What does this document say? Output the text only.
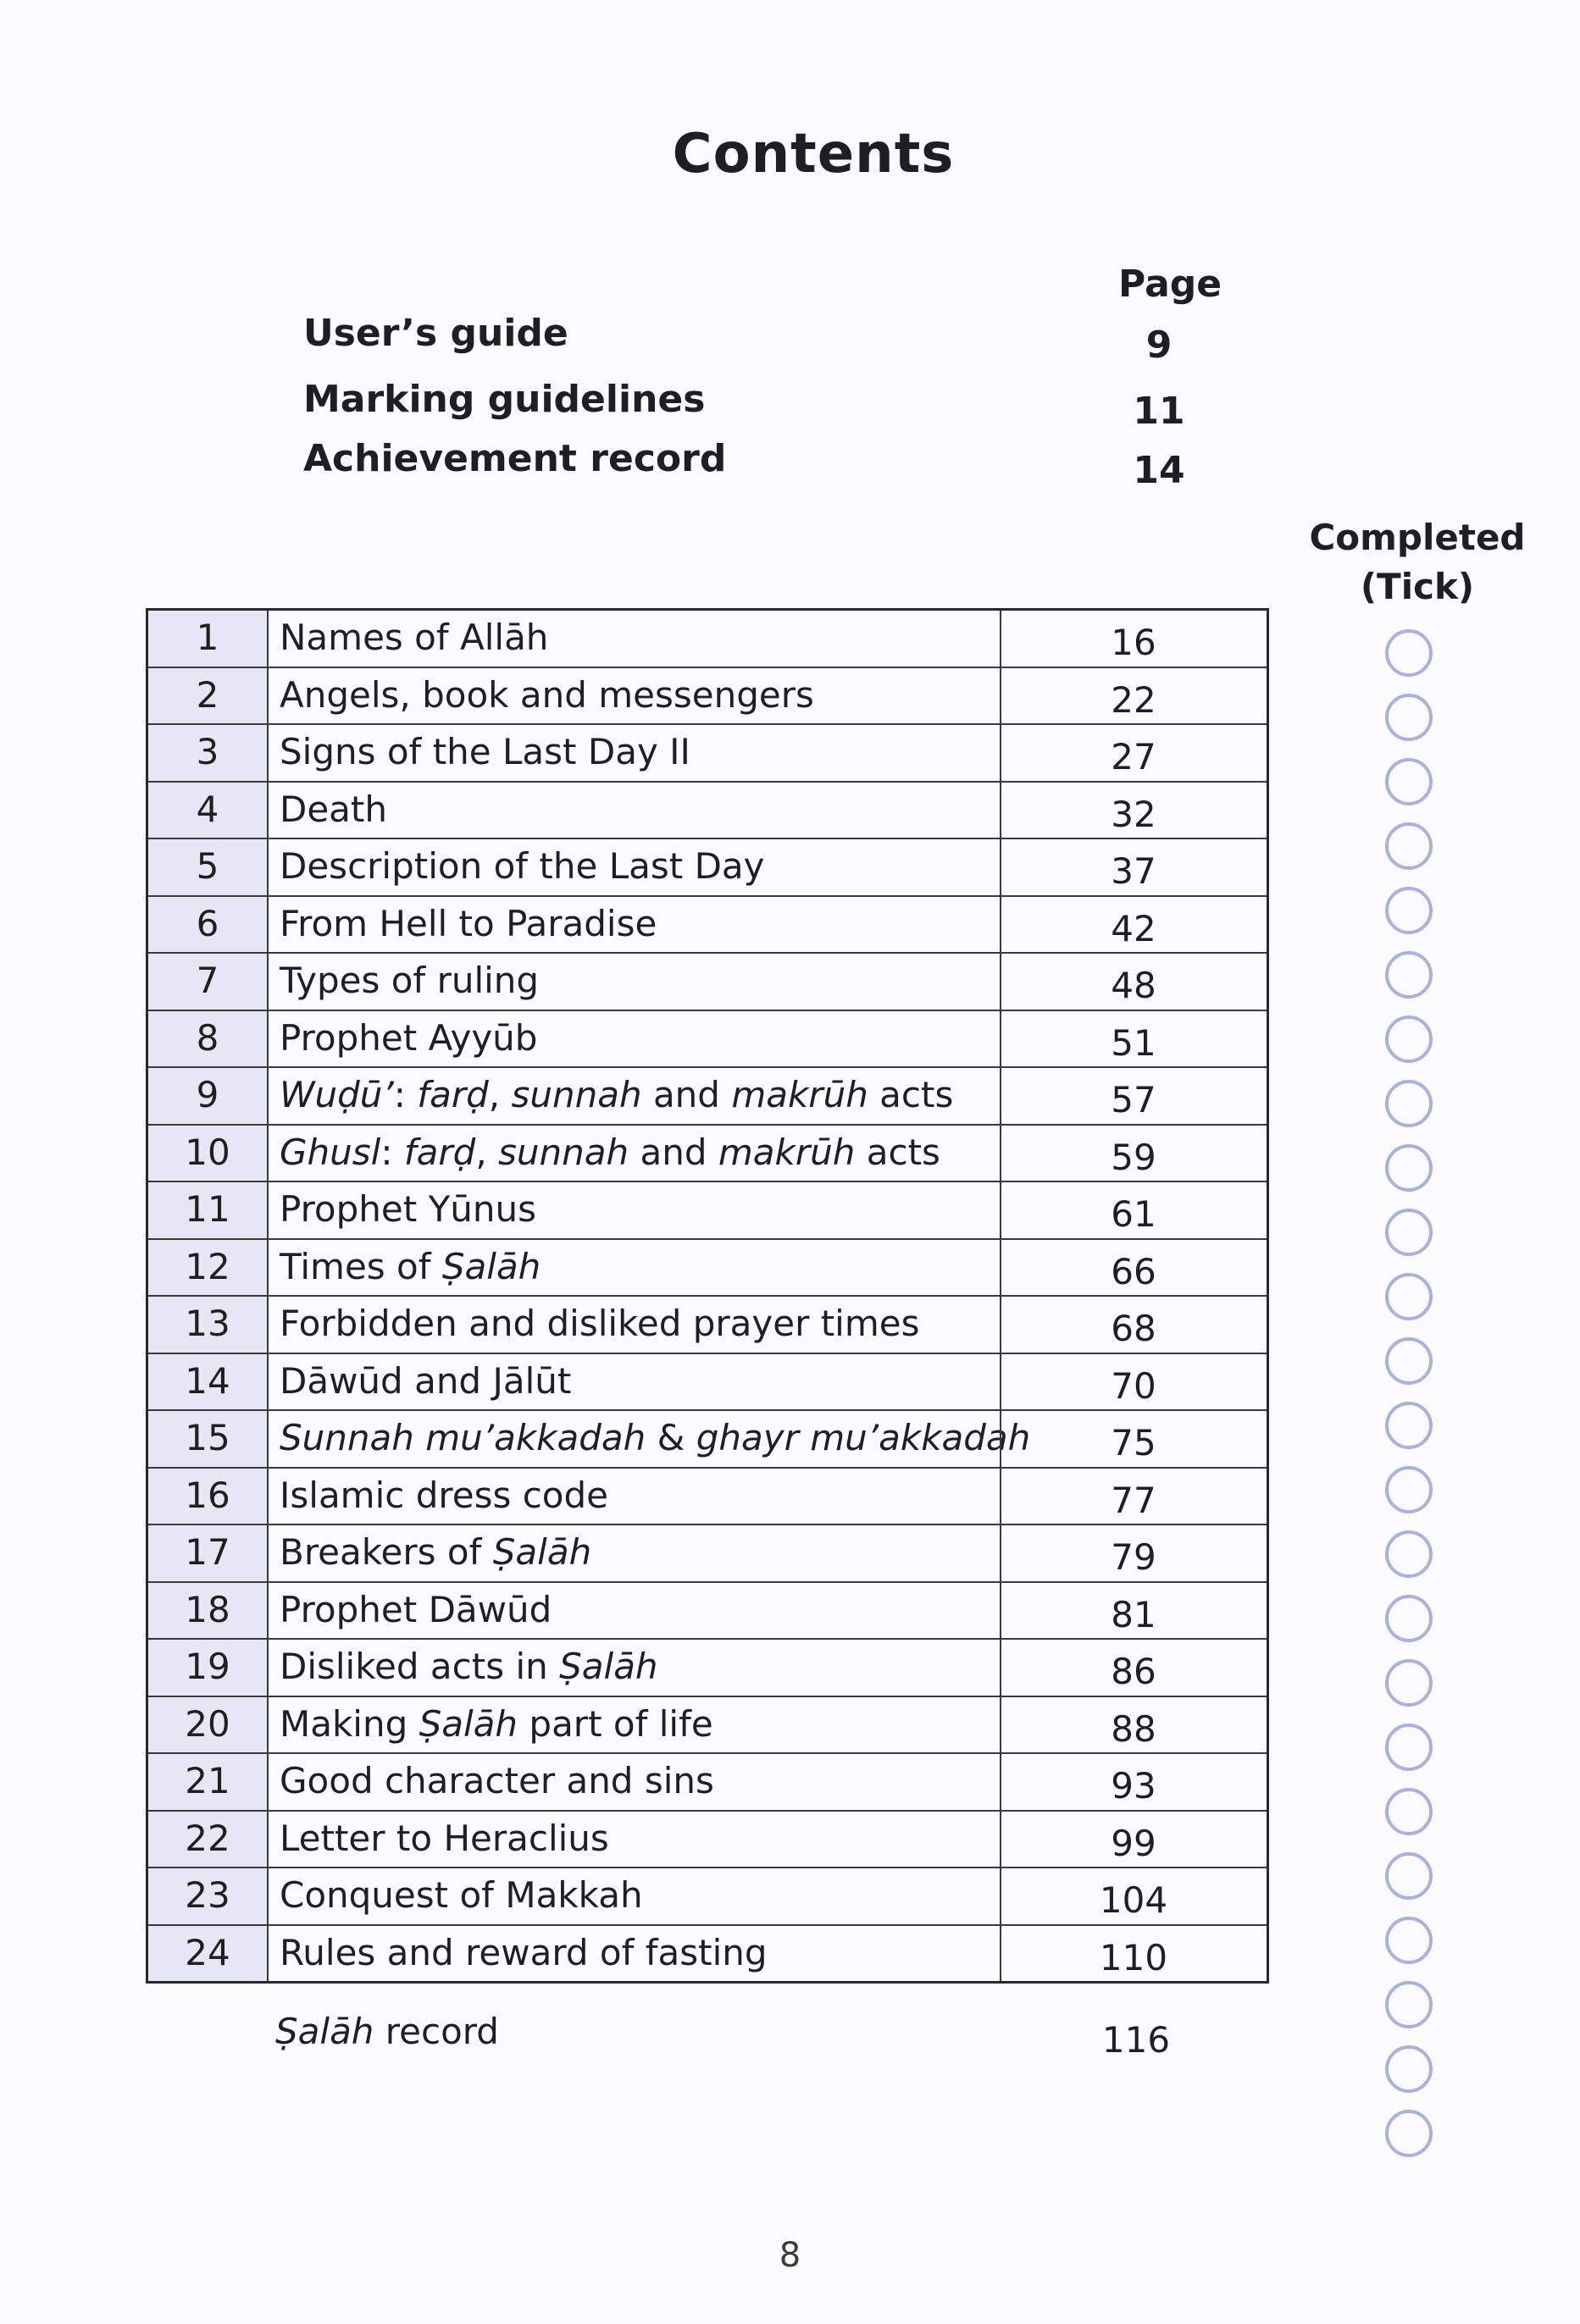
Contents
Page
User’s guide	9
Marking guidelines	11
Achievement record	14
Completed
(Tick)
1	Names of Allāh	16
2	Angels, book and messengers	22
3	Signs of the Last Day II	27
4	Death	32
5	Description of the Last Day	37
6	From Hell to Paradise	42
7	Types of ruling	48
8	Prophet Ayyūb	51
9	Wuḍū’: farḍ, sunnah and makrūh acts	57
10	Ghusl: farḍ, sunnah and makrūh acts	59
11	Prophet Yūnus	61
12	Times of Ṣalāh	66
13	Forbidden and disliked prayer times	68
14	Dāwūd and Jālūt	70
15	Sunnah mu’akkadah & ghayr mu’akkadah	75
16	Islamic dress code	77
17	Breakers of Ṣalāh	79
18	Prophet Dāwūd	81
19	Disliked acts in Ṣalāh	86
20	Making Ṣalāh part of life	88
21	Good character and sins	93
22	Letter to Heraclius	99
23	Conquest of Makkah	104
24	Rules and reward of fasting	110
Ṣalāh record	116
8
